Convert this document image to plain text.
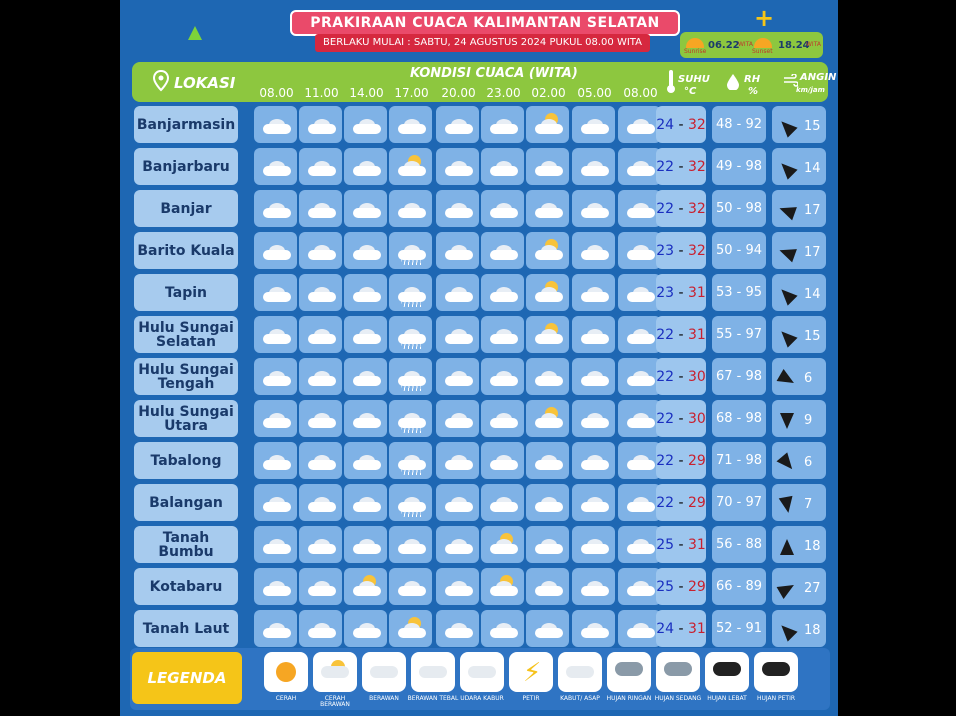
PRAKIRAAN CUACA KALIMANTAN SELATAN
BERLAKU MULAI : SABTU, 24 AGUSTUS 2024 PUKUL 08.00 WITA
+
Sunrise
06.22
WITA
Sunset
18.24
WITA
LOKASI
KONDISI CUACA (WITA)
08.00 11.00 14.00 17.00	20.00 23.00 02.00 05.00 08.00
SUHU
°C
RH
%
ANGIN
km/jam
Banjarmasin	24 - 32 48 - 92	15
Banjarbaru	22 - 32 49 - 98	14
Banjar	22 - 32 50 - 98	17
Barito Kuala	23 - 32 50 - 94	17
Tapin	23 - 31 53 - 95	14
Hulu Sungai Selatan	22 - 31 55 - 97	15
Hulu Sungai Tengah	22 - 30 67 - 98	6
Hulu Sungai Utara	22 - 30 68 - 98	9
Tabalong	22 - 29 71 - 98	6
Balangan	22 - 29 70 - 97	7
Tanah Bumbu	25 - 31 56 - 88	18
Kotabaru	25 - 29 66 - 89	27
Tanah Laut	24 - 31 52 - 91	18
LEGENDA
CERAH	CERAH BERAWAN
BERAWAN	BERAWAN TEBAL UDARA KABUR
⚡
PETIR	KABUT/ ASAP	HUJAN RINGAN HUJAN SEDANG HUJAN LEBAT	HUJAN PETIR
